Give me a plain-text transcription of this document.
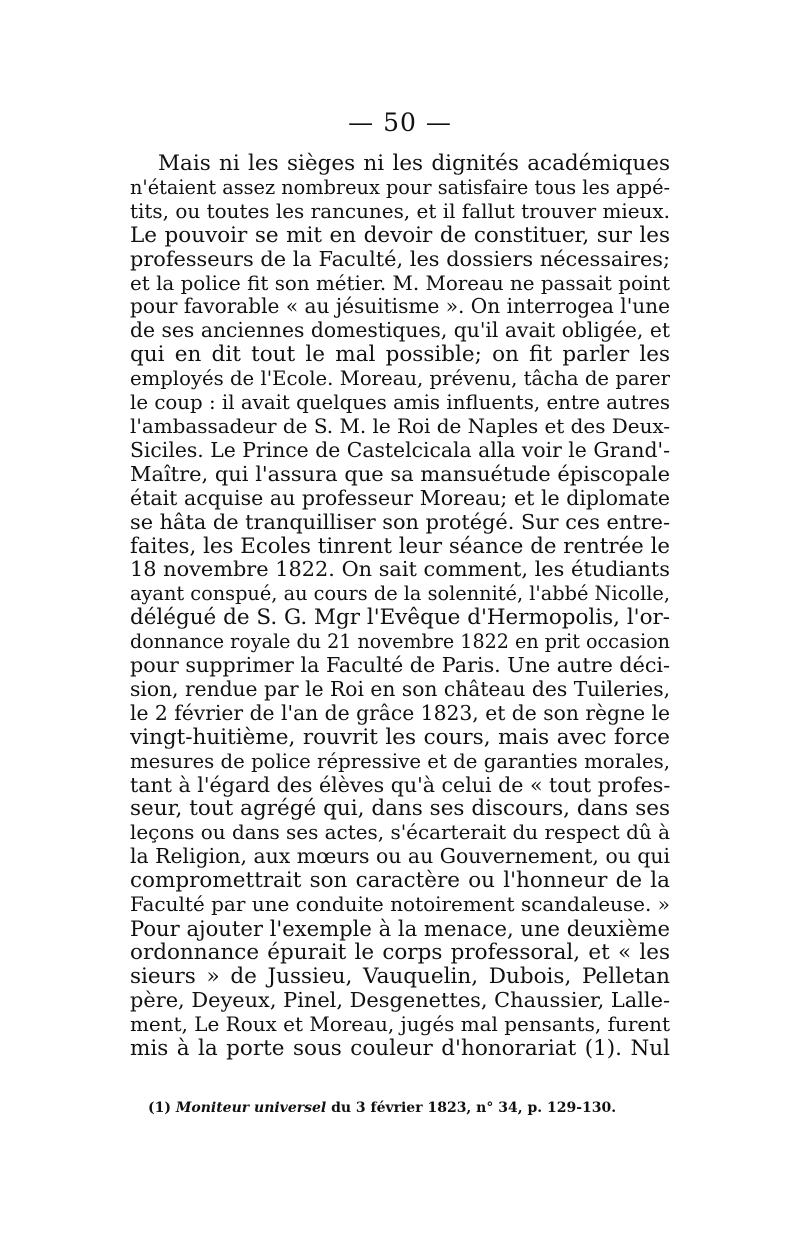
— 50 —
Mais ni les sièges ni les dignités académiques
n'étaient assez nombreux pour satisfaire tous les appé-
tits, ou toutes les rancunes, et il fallut trouver mieux.
Le pouvoir se mit en devoir de constituer, sur les
professeurs de la Faculté, les dossiers nécessaires;
et la police fit son métier. M. Moreau ne passait point
pour favorable « au jésuitisme ». On interrogea l'une
de ses anciennes domestiques, qu'il avait obligée, et
qui en dit tout le mal possible; on fit parler les
employés de l'Ecole. Moreau, prévenu, tâcha de parer
le coup : il avait quelques amis influents, entre autres
l'ambassadeur de S. M. le Roi de Naples et des Deux-
Siciles. Le Prince de Castelcicala alla voir le Grand'-
Maître, qui l'assura que sa mansuétude épiscopale
était acquise au professeur Moreau; et le diplomate
se hâta de tranquilliser son protégé. Sur ces entre-
faites, les Ecoles tinrent leur séance de rentrée le
18 novembre 1822. On sait comment, les étudiants
ayant conspué, au cours de la solennité, l'abbé Nicolle,
délégué de S. G. Mgr l'Evêque d'Hermopolis, l'or-
donnance royale du 21 novembre 1822 en prit occasion
pour supprimer la Faculté de Paris. Une autre déci-
sion, rendue par le Roi en son château des Tuileries,
le 2 février de l'an de grâce 1823, et de son règne le
vingt-huitième, rouvrit les cours, mais avec force
mesures de police répressive et de garanties morales,
tant à l'égard des élèves qu'à celui de « tout profes-
seur, tout agrégé qui, dans ses discours, dans ses
leçons ou dans ses actes, s'écarterait du respect dû à
la Religion, aux mœurs ou au Gouvernement, ou qui
compromettrait son caractère ou l'honneur de la
Faculté par une conduite notoirement scandaleuse. »
Pour ajouter l'exemple à la menace, une deuxième
ordonnance épurait le corps professoral, et « les
sieurs » de Jussieu, Vauquelin, Dubois, Pelletan
père, Deyeux, Pinel, Desgenettes, Chaussier, Lalle-
ment, Le Roux et Moreau, jugés mal pensants, furent
mis à la porte sous couleur d'honorariat (1). Nul
(1) Moniteur universel du 3 février 1823, n° 34, p. 129-130.
